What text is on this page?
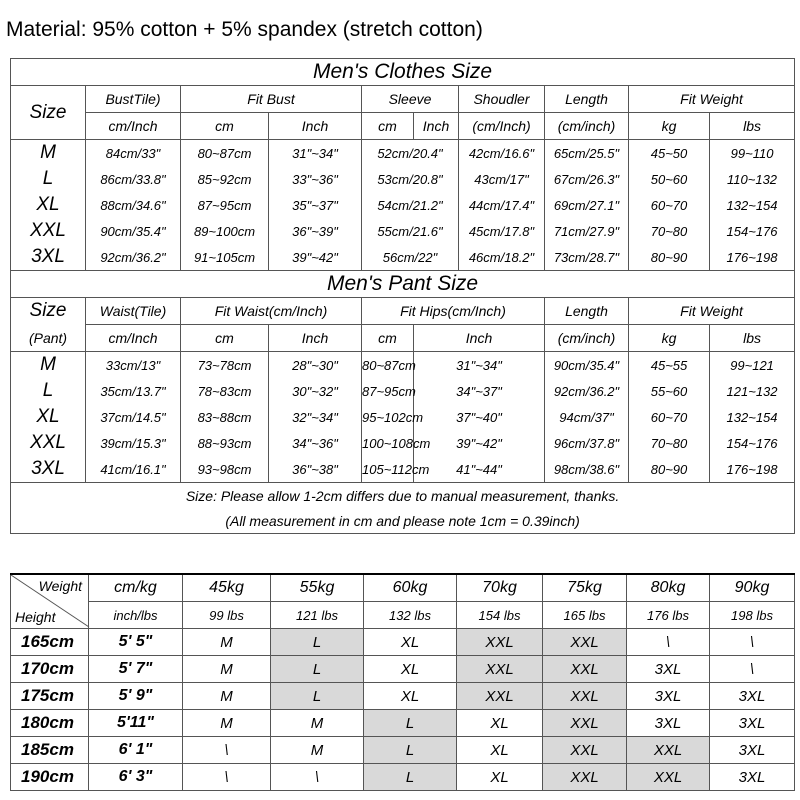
Material: 95% cotton + 5% spandex (stretch cotton)
Men's Clothes Size									
Size	BustTile)	Fit Bust		Sleeve		Shoudler	Length	Fit Weight	
	cm/Inch	cm	Inch	cm	Inch	(cm/Inch)	(cm/inch)	kg	lbs
M	84cm/33"	80~87cm	31"~34"	52cm/20.4"		42cm/16.6"	65cm/25.5"	45~50	99~110
L	86cm/33.8"	85~92cm	33"~36"	53cm/20.8"		43cm/17"	67cm/26.3"	50~60	110~132
XL	88cm/34.6"	87~95cm	35"~37"	54cm/21.2"		44cm/17.4"	69cm/27.1"	60~70	132~154
XXL	90cm/35.4"	89~100cm	36"~39"	55cm/21.6"		45cm/17.8"	71cm/27.9"	70~80	154~176
3XL	92cm/36.2"	91~105cm	39"~42"	56cm/22"		46cm/18.2"	73cm/28.7"	80~90	176~198
Men's Pant Size									
Size	Waist(Tile)	Fit Waist(cm/Inch)		Fit Hips(cm/Inch)			Length	Fit Weight	
(Pant)	cm/Inch	cm	Inch	cm	Inch		(cm/inch)	kg	lbs
M	33cm/13"	73~78cm	28"~30"	80~87cm	31"~34"		90cm/35.4"	45~55	99~121
L	35cm/13.7"	78~83cm	30"~32"	87~95cm	34"~37"		92cm/36.2"	55~60	121~132
XL	37cm/14.5"	83~88cm	32"~34"	95~102cm	37"~40"		94cm/37"	60~70	132~154
XXL	39cm/15.3"	88~93cm	34"~36"	100~108cm	39"~42"		96cm/37.8"	70~80	154~176
3XL	41cm/16.1"	93~98cm	36"~38"	105~112cm	41"~44"		98cm/38.6"	80~90	176~198
Size: Please allow 1-2cm differs due to manual measurement, thanks.									
(All measurement in cm and please note 1cm = 0.39inch)									
Weight
Height	cm/kg	45kg	55kg	60kg	70kg	75kg	80kg	90kg
	inch/lbs	99 lbs	121 lbs	132 lbs	154 lbs	165 lbs	176 lbs	198 lbs
165cm	5' 5"	M	L	XL	XXL	XXL	\	\
170cm	5' 7"	M	L	XL	XXL	XXL	3XL	\
175cm	5' 9"	M	L	XL	XXL	XXL	3XL	3XL
180cm	5'11"	M	M	L	XL	XXL	3XL	3XL
185cm	6' 1"	\	M	L	XL	XXL	XXL	3XL
190cm	6' 3"	\	\	L	XL	XXL	XXL	3XL
